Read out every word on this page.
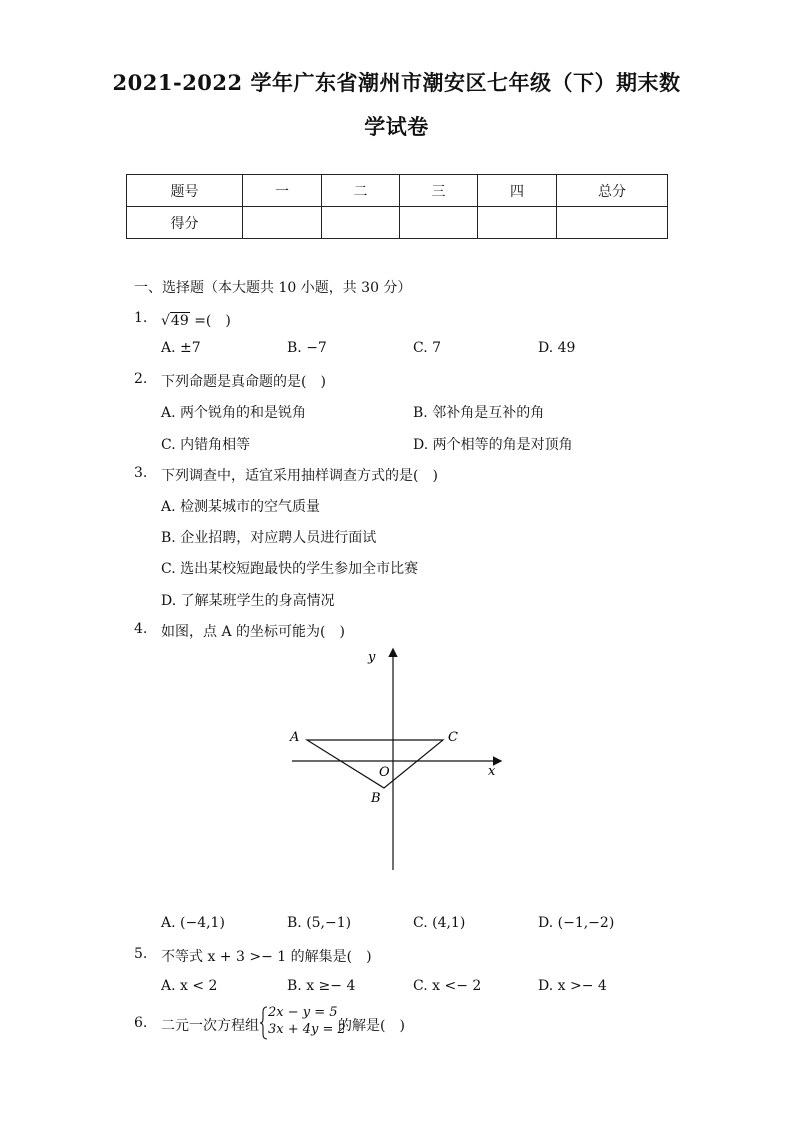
2021-2022 学年广东省潮州市潮安区七年级（下）期末数
学试卷
题号	一	二	三	四	总分
得分					
一、选择题（本大题共 10 小题，共 30 分）
1. √49 =(　)
A. ±7	B. −7	C. 7	D. 49
2. 下列命题是真命题的是(　)
A. 两个锐角的和是锐角	B. 邻补角是互补的角
C. 内错角相等	D. 两个相等的角是对顶角
3. 下列调查中，适宜采用抽样调查方式的是(　)
A. 检测某城市的空气质量
B. 企业招聘，对应聘人员进行面试
C. 选出某校短跑最快的学生参加全市比赛
D. 了解某班学生的身高情况
4. 如图，点 A 的坐标可能为(　)
y
x
A	C
O
B
A. (−4,1)	B. (5,−1)	C. (4,1)	D. (−1,−2)
5. 不等式 x + 3 >− 1 的解集是(　)
A. x < 2	B. x ≥− 4	C. x <− 2	D. x >− 4
6. 二元一次方程组
2x − y = 5
3x + 4y = 2
的解是(　)
